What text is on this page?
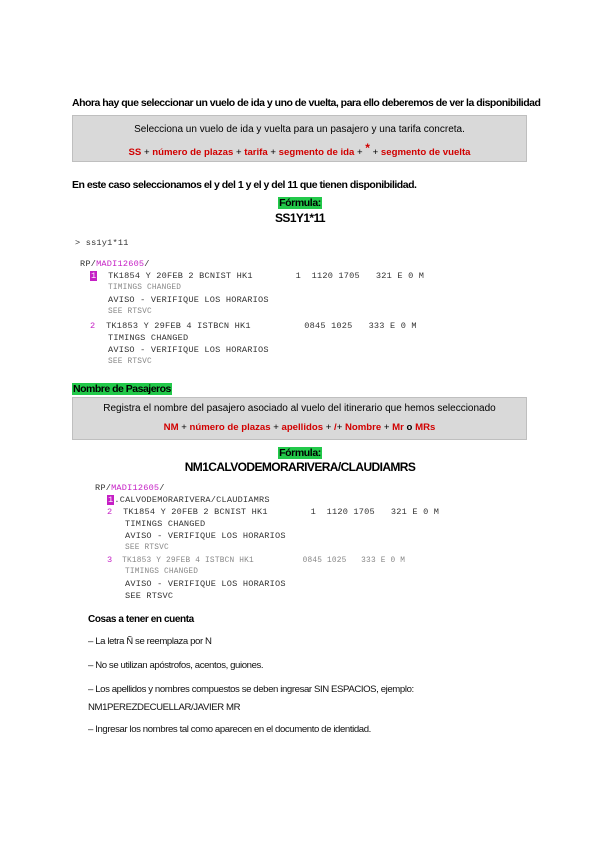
Ahora hay que seleccionar un vuelo de ida y uno de vuelta, para ello deberemos de ver la disponibilidad
Selecciona un vuelo de ida y vuelta para un pasajero y una tarifa concreta.
SS + número de plazas + tarifa + segmento de ida + * + segmento de vuelta
En este caso seleccionamos el y del 1 y el y del 11 que tienen disponibilidad.
Fórmula:
SS1Y1*11
> ss1y1*11
RP/MADI12605/
1  TK1854 Y 20FEB 2 BCNIST HK1        1  1120 1705   321 E 0 M
TIMINGS CHANGED
AVISO - VERIFIQUE LOS HORARIOS
SEE RTSVC
2  TK1853 Y 29FEB 4 ISTBCN HK1          0845 1025   333 E 0 M
TIMINGS CHANGED
AVISO - VERIFIQUE LOS HORARIOS
SEE RTSVC
Nombre de Pasajeros
Registra el nombre del pasajero asociado al vuelo del itinerario que hemos seleccionado
NM + número de plazas + apellidos + /+ Nombre + Mr o MRs
Fórmula:
NM1CALVODEMORARIVERA/CLAUDIAMRS
RP/MADI12605/
1.CALVODEMORARIVERA/CLAUDIAMRS
2  TK1854 Y 20FEB 2 BCNIST HK1        1  1120 1705   321 E 0 M
TIMINGS CHANGED
AVISO - VERIFIQUE LOS HORARIOS
SEE RTSVC
3  TK1853 Y 29FEB 4 ISTBCN HK1          0845 1025   333 E 0 M
TIMINGS CHANGED
AVISO - VERIFIQUE LOS HORARIOS
SEE RTSVC
Cosas a tener en cuenta
– La letra Ñ se reemplaza por N
– No se utilizan apóstrofos, acentos, guiones.
– Los apellidos y nombres compuestos se deben ingresar SIN ESPACIOS, ejemplo:
NM1PEREZDECUELLAR/JAVIER MR
– Ingresar los nombres tal como aparecen en el documento de identidad.
